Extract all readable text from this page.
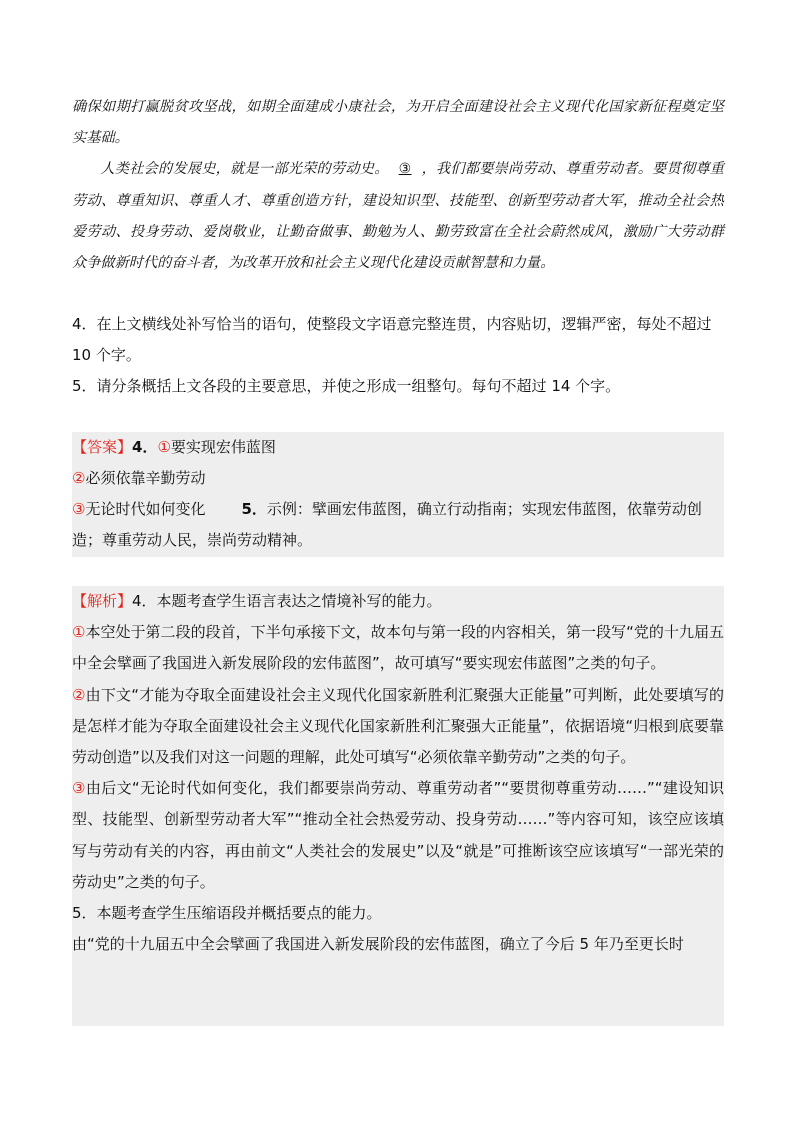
确保如期打赢脱贫攻坚战，如期全面建成小康社会，为开启全面建设社会主义现代化国家新征程奠定坚实基础。

人类社会的发展史，就是一部光荣的劳动史。 ③ ，我们都要崇尚劳动、尊重劳动者。要贯彻尊重劳动、尊重知识、尊重人才、尊重创造方针，建设知识型、技能型、创新型劳动者大军，推动全社会热爱劳动、投身劳动、爱岗敬业，让勤奋做事、勤勉为人、勤劳致富在全社会蔚然成风，激励广大劳动群众争做新时代的奋斗者，为改革开放和社会主义现代化建设贡献智慧和力量。

4．在上文横线处补写恰当的语句，使整段文字语意完整连贯，内容贴切，逻辑严密，每处不超过 10 个字。

5．请分条概括上文各段的主要意思，并使之形成一组整句。每句不超过 14 个字。

【答案】4．①要实现宏伟蓝图

②必须依靠辛勤劳动

③无论时代如何变化 5．示例：擘画宏伟蓝图，确立行动指南；实现宏伟蓝图，依靠劳动创造；尊重劳动人民，崇尚劳动精神。

【解析】4．本题考查学生语言表达之情境补写的能力。

①本空处于第二段的段首，下半句承接下文，故本句与第一段的内容相关，第一段写“党的十九届五中全会擘画了我国进入新发展阶段的宏伟蓝图”，故可填写“要实现宏伟蓝图”之类的句子。

②由下文“才能为夺取全面建设社会主义现代化国家新胜利汇聚强大正能量”可判断，此处要填写的是怎样才能为夺取全面建设社会主义现代化国家新胜利汇聚强大正能量”，依据语境“归根到底要靠劳动创造”以及我们对这一问题的理解，此处可填写“必须依靠辛勤劳动”之类的句子。

③由后文“无论时代如何变化，我们都要崇尚劳动、尊重劳动者”“要贯彻尊重劳动……”“建设知识型、技能型、创新型劳动者大军”“推动全社会热爱劳动、投身劳动……”等内容可知，该空应该填写与劳动有关的内容，再由前文“人类社会的发展史”以及“就是”可推断该空应该填写“一部光荣的劳动史”之类的句子。

5．本题考查学生压缩语段并概括要点的能力。

由“党的十九届五中全会擘画了我国进入新发展阶段的宏伟蓝图，确立了今后 5 年乃至更长时
